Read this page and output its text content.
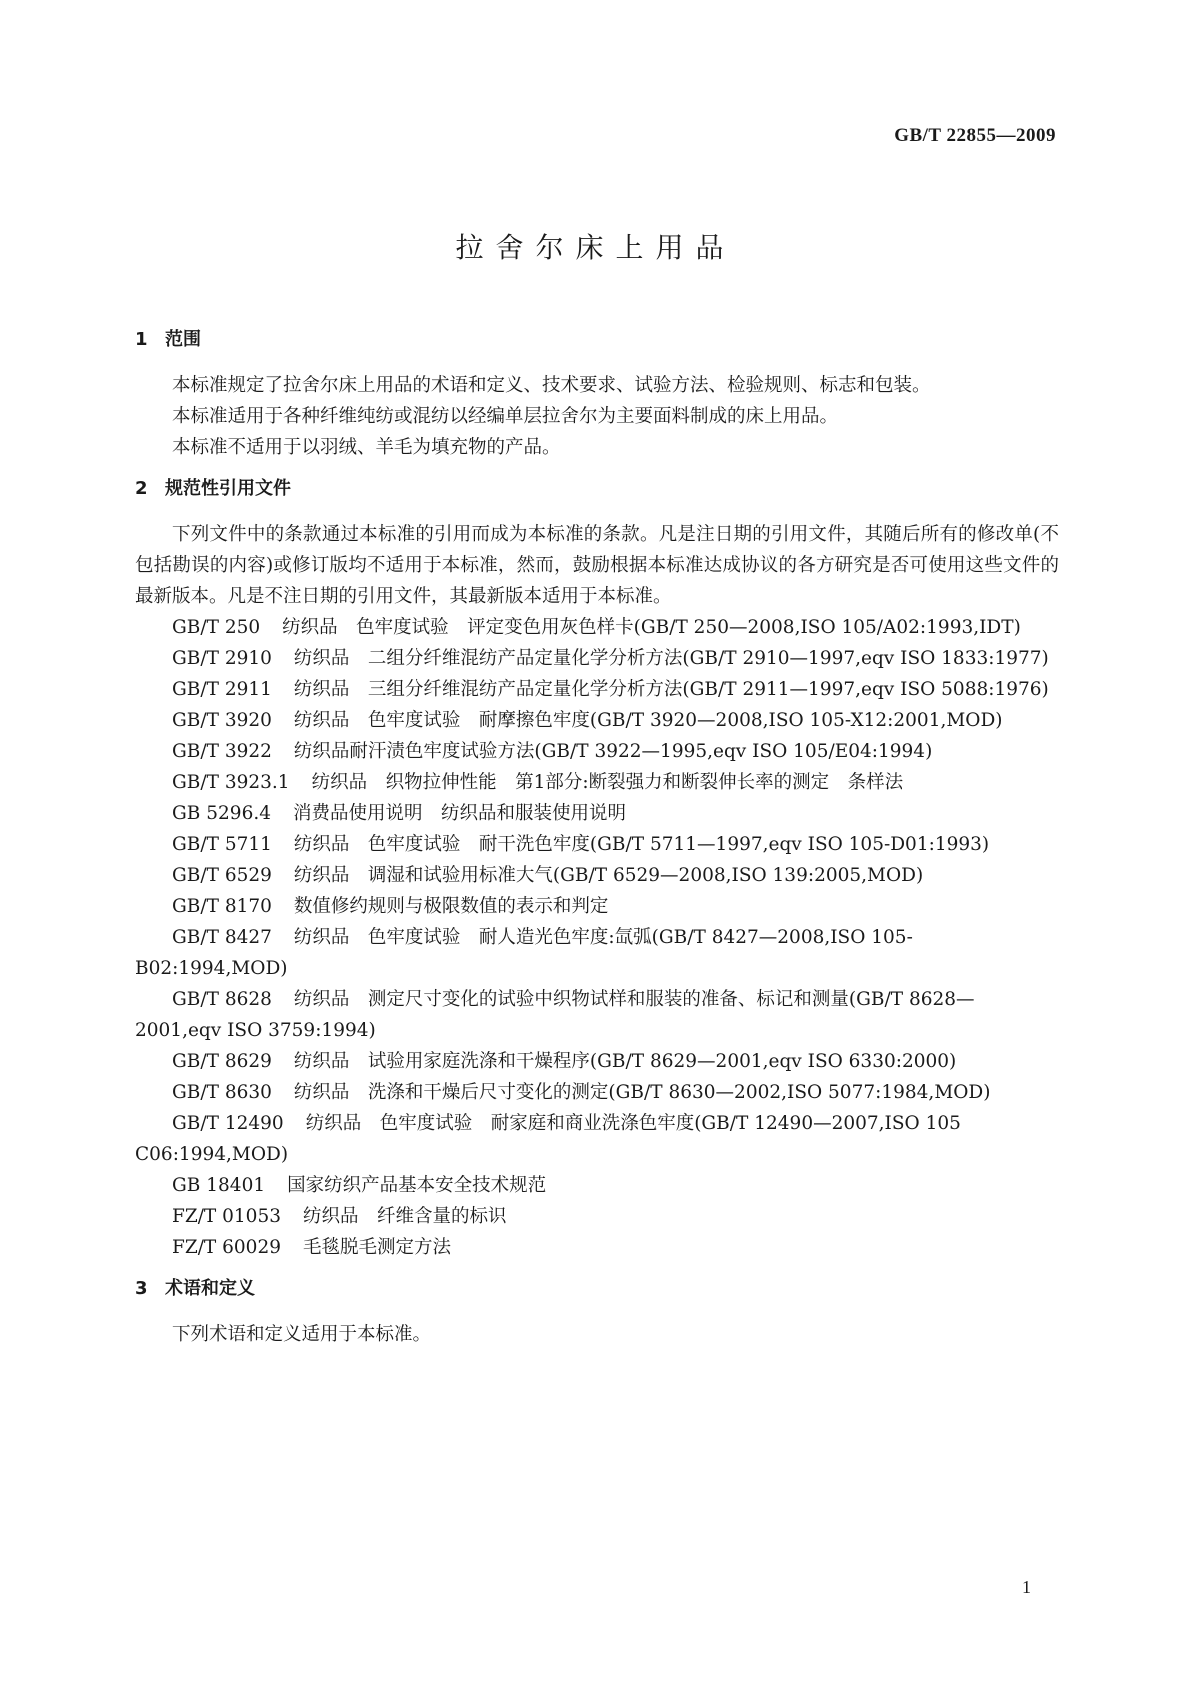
GB/T 22855—2009
拉舍尔床上用品
1 范围

本标准规定了拉舍尔床上用品的术语和定义、技术要求、试验方法、检验规则、标志和包装。

本标准适用于各种纤维纯纺或混纺以经编单层拉舍尔为主要面料制成的床上用品。

本标准不适用于以羽绒、羊毛为填充物的产品。

2 规范性引用文件

下列文件中的条款通过本标准的引用而成为本标准的条款。凡是注日期的引用文件，其随后所有的修改单(不包括勘误的内容)或修订版均不适用于本标准，然而，鼓励根据本标准达成协议的各方研究是否可使用这些文件的最新版本。凡是不注日期的引用文件，其最新版本适用于本标准。

GB/T 250 纺织品　色牢度试验　评定变色用灰色样卡(GB/T 250—2008,ISO 105/A02:1993,IDT)

GB/T 2910 纺织品　二组分纤维混纺产品定量化学分析方法(GB/T 2910—1997,eqv ISO 1833:1977)

GB/T 2911 纺织品　三组分纤维混纺产品定量化学分析方法(GB/T 2911—1997,eqv ISO 5088:1976)

GB/T 3920 纺织品　色牢度试验　耐摩擦色牢度(GB/T 3920—2008,ISO 105-X12:2001,MOD)

GB/T 3922 纺织品耐汗渍色牢度试验方法(GB/T 3922—1995,eqv ISO 105/E04:1994)

GB/T 3923.1 纺织品　织物拉伸性能　第1部分:断裂强力和断裂伸长率的测定　条样法

GB 5296.4 消费品使用说明　纺织品和服装使用说明

GB/T 5711 纺织品　色牢度试验　耐干洗色牢度(GB/T 5711—1997,eqv ISO 105-D01:1993)

GB/T 6529 纺织品　调湿和试验用标准大气(GB/T 6529—2008,ISO 139:2005,MOD)

GB/T 8170 数值修约规则与极限数值的表示和判定

GB/T 8427 纺织品　色牢度试验　耐人造光色牢度:氙弧(GB/T 8427—2008,ISO 105-B02:1994,MOD)

GB/T 8628 纺织品　测定尺寸变化的试验中织物试样和服装的准备、标记和测量(GB/T 8628—2001,eqv ISO 3759:1994)

GB/T 8629 纺织品　试验用家庭洗涤和干燥程序(GB/T 8629—2001,eqv ISO 6330:2000)

GB/T 8630 纺织品　洗涤和干燥后尺寸变化的测定(GB/T 8630—2002,ISO 5077:1984,MOD)

GB/T 12490 纺织品　色牢度试验　耐家庭和商业洗涤色牢度(GB/T 12490—2007,ISO 105 C06:1994,MOD)

GB 18401 国家纺织产品基本安全技术规范

FZ/T 01053 纺织品　纤维含量的标识

FZ/T 60029 毛毯脱毛测定方法

3 术语和定义

下列术语和定义适用于本标准。

1
